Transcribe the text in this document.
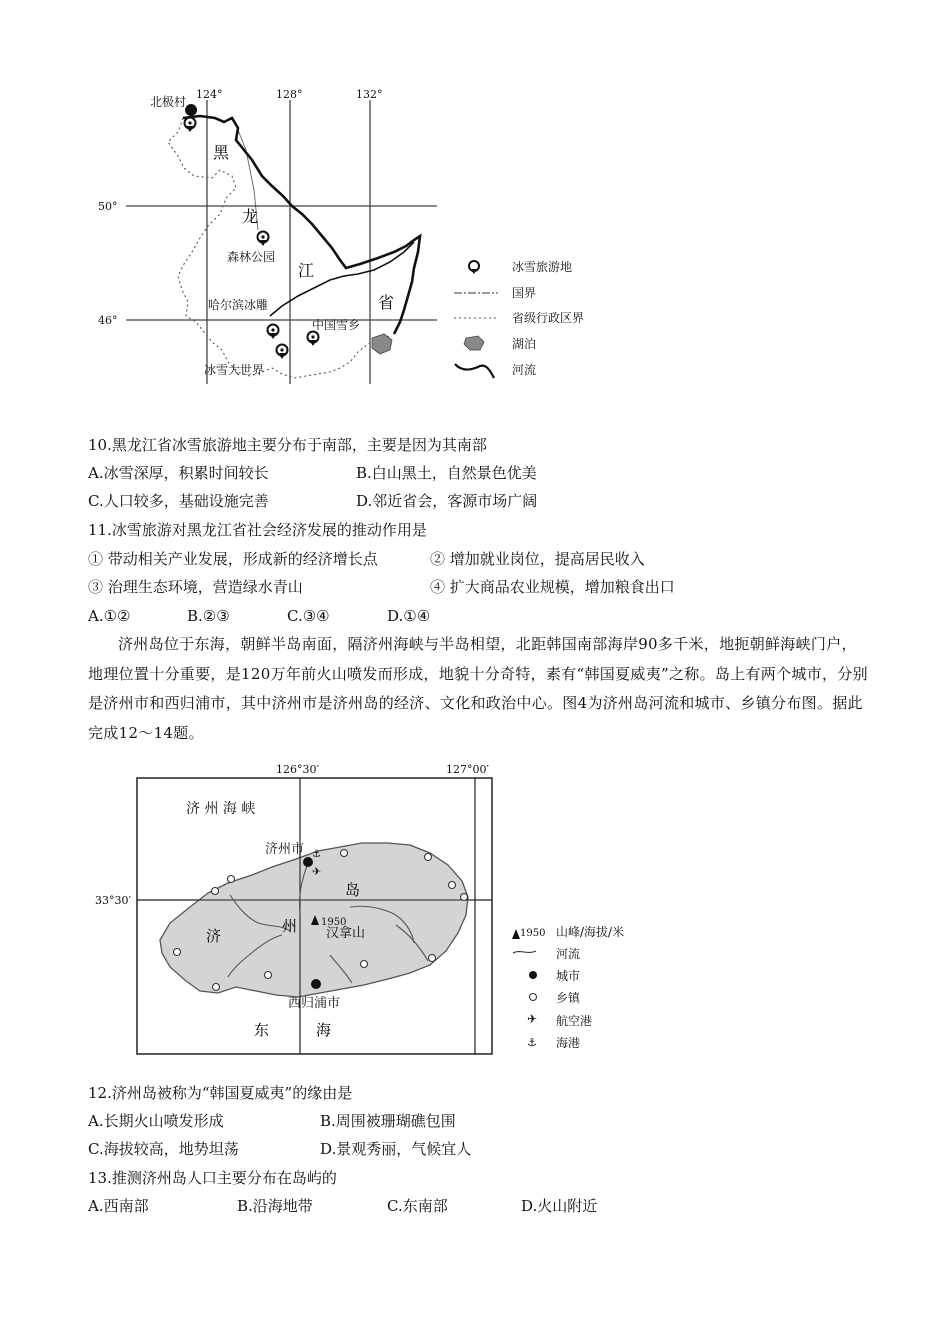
124°	128°	132°
50°
46°
北极村
森林公园
哈尔滨冰雕
中国雪乡
冰雪大世界
黑
龙
江
省
冰雪旅游地
国界
省级行政区界
湖泊
河流
10.黑龙江省冰雪旅游地主要分布于南部，主要是因为其南部
A.冰雪深厚，积累时间较长	B.白山黑土，自然景色优美
C.人口较多，基础设施完善	D.邻近省会，客源市场广阔
11.冰雪旅游对黑龙江省社会经济发展的推动作用是
① 带动相关产业发展，形成新的经济增长点	② 增加就业岗位，提高居民收入
③ 治理生态环境，营造绿水青山	④ 扩大商品农业规模，增加粮食出口
A.①②	B.②③	C.③④	D.①④
济州岛位于东海，朝鲜半岛南面，隔济州海峡与半岛相望，北距韩国南部海岸90多千米，地扼朝鲜海峡门户，地理位置十分重要，是120万年前火山喷发而形成，地貌十分奇特，素有“韩国夏威夷”之称。岛上有两个城市，分别是济州市和西归浦市，其中济州市是济州岛的经济、文化和政治中心。图4为济州岛河流和城市、乡镇分布图。据此完成12～14题。
✈
⚓
126°30′	127°00′
33°30′
济 州 海 峡
济州市
岛
济
州 1950
汉拿山
西归浦市
东	海
1950
✈
⚓
山峰/海拔/米
河流
城市
乡镇
航空港
海港
12.济州岛被称为“韩国夏威夷”的缘由是
A.长期火山喷发形成	B.周围被珊瑚礁包围
C.海拔较高，地势坦荡	D.景观秀丽，气候宜人
13.推测济州岛人口主要分布在岛屿的
A.西南部	B.沿海地带	C.东南部	D.火山附近
